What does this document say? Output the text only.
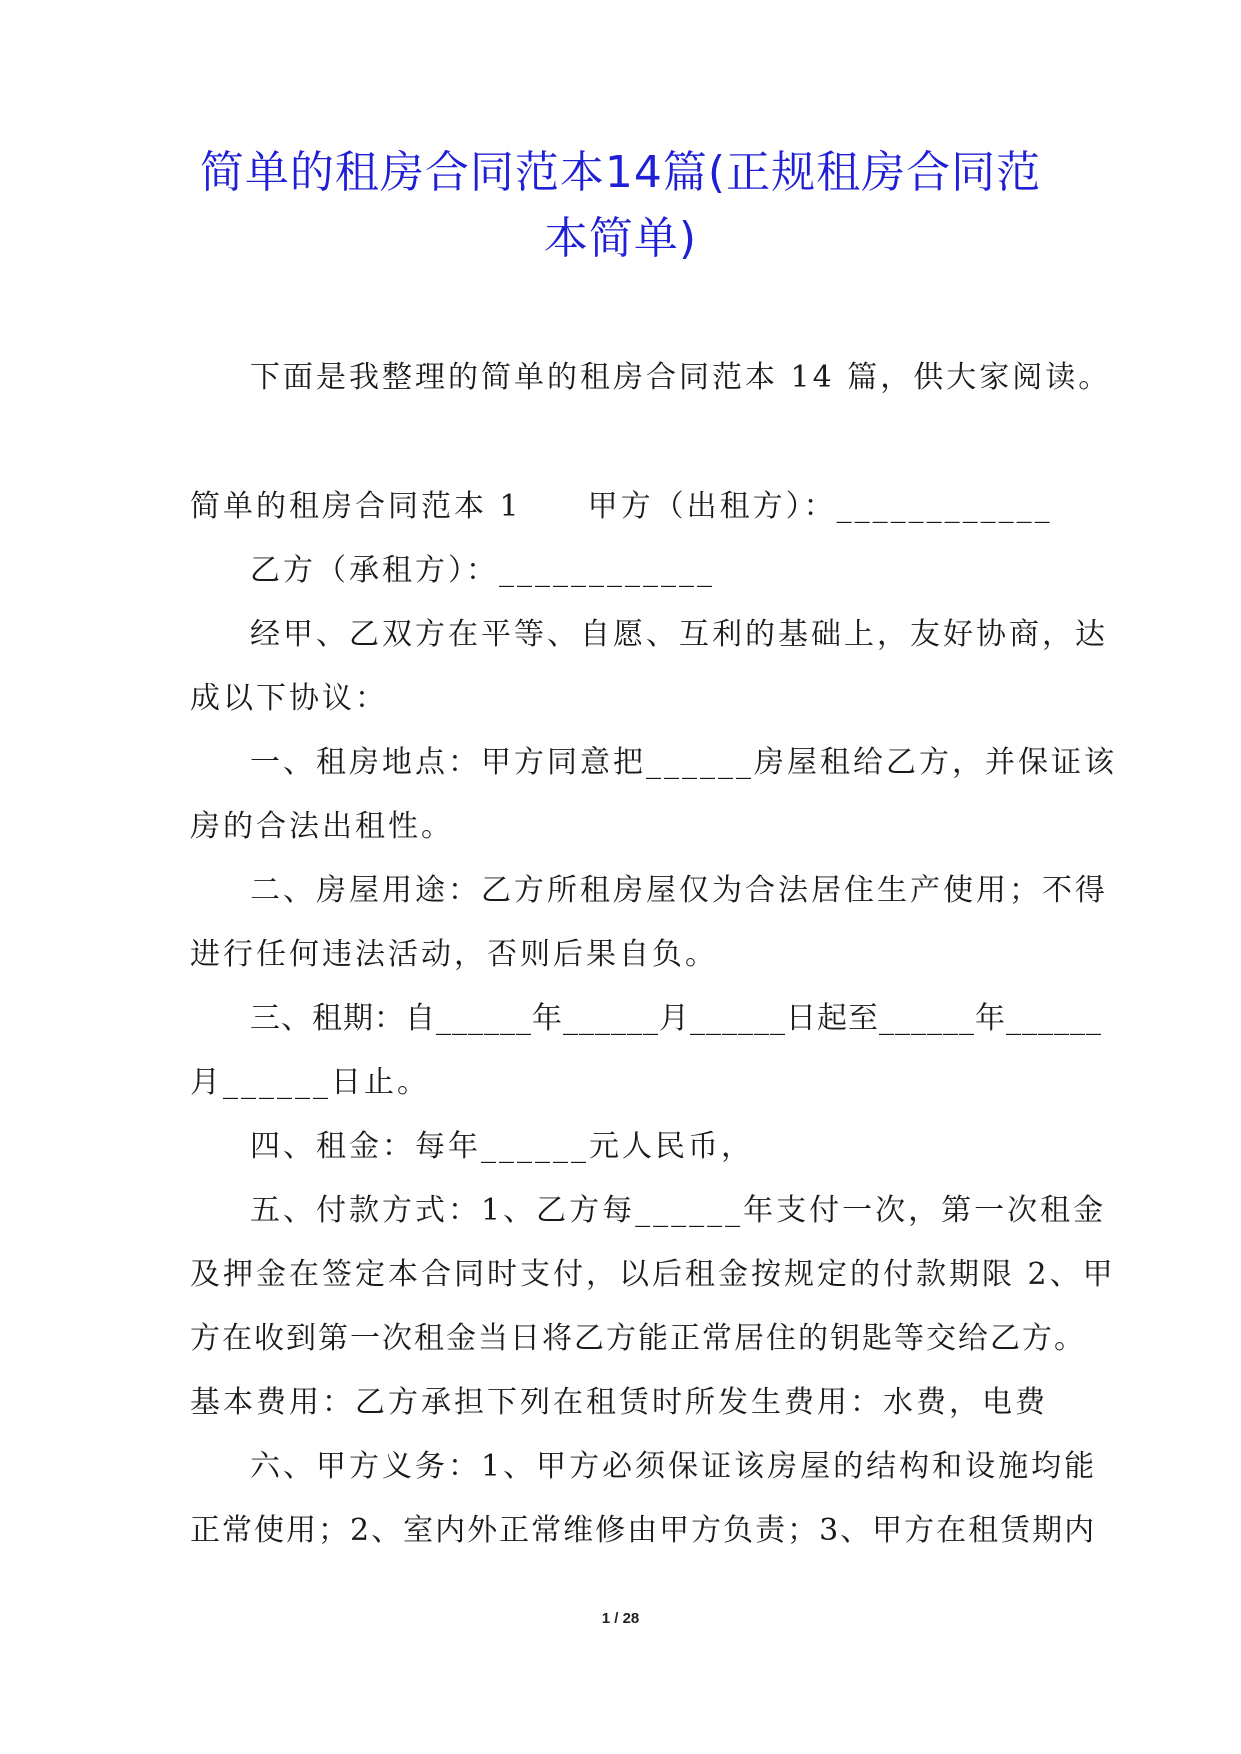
简单的租房合同范本14篇(正规租房合同范
本简单)
下面是我整理的简单的租房合同范本 14 篇，供大家阅读。
简单的租房合同范本 1　　甲方（出租方）：____________
乙方（承租方）：____________
经甲、乙双方在平等、自愿、互利的基础上，友好协商，达
成以下协议：
一、租房地点：甲方同意把______房屋租给乙方，并保证该
房的合法出租性。
二、房屋用途：乙方所租房屋仅为合法居住生产使用；不得
进行任何违法活动，否则后果自负。
三、租期：自______年______月______日起至______年______
月______日止。
四、租金：每年______元人民币，
五、付款方式：1、乙方每______年支付一次，第一次租金
及押金在签定本合同时支付，以后租金按规定的付款期限 2、甲
方在收到第一次租金当日将乙方能正常居住的钥匙等交给乙方。
基本费用：乙方承担下列在租赁时所发生费用：水费，电费
六、甲方义务：1、甲方必须保证该房屋的结构和设施均能
正常使用；2、室内外正常维修由甲方负责；3、甲方在租赁期内
1 / 28
